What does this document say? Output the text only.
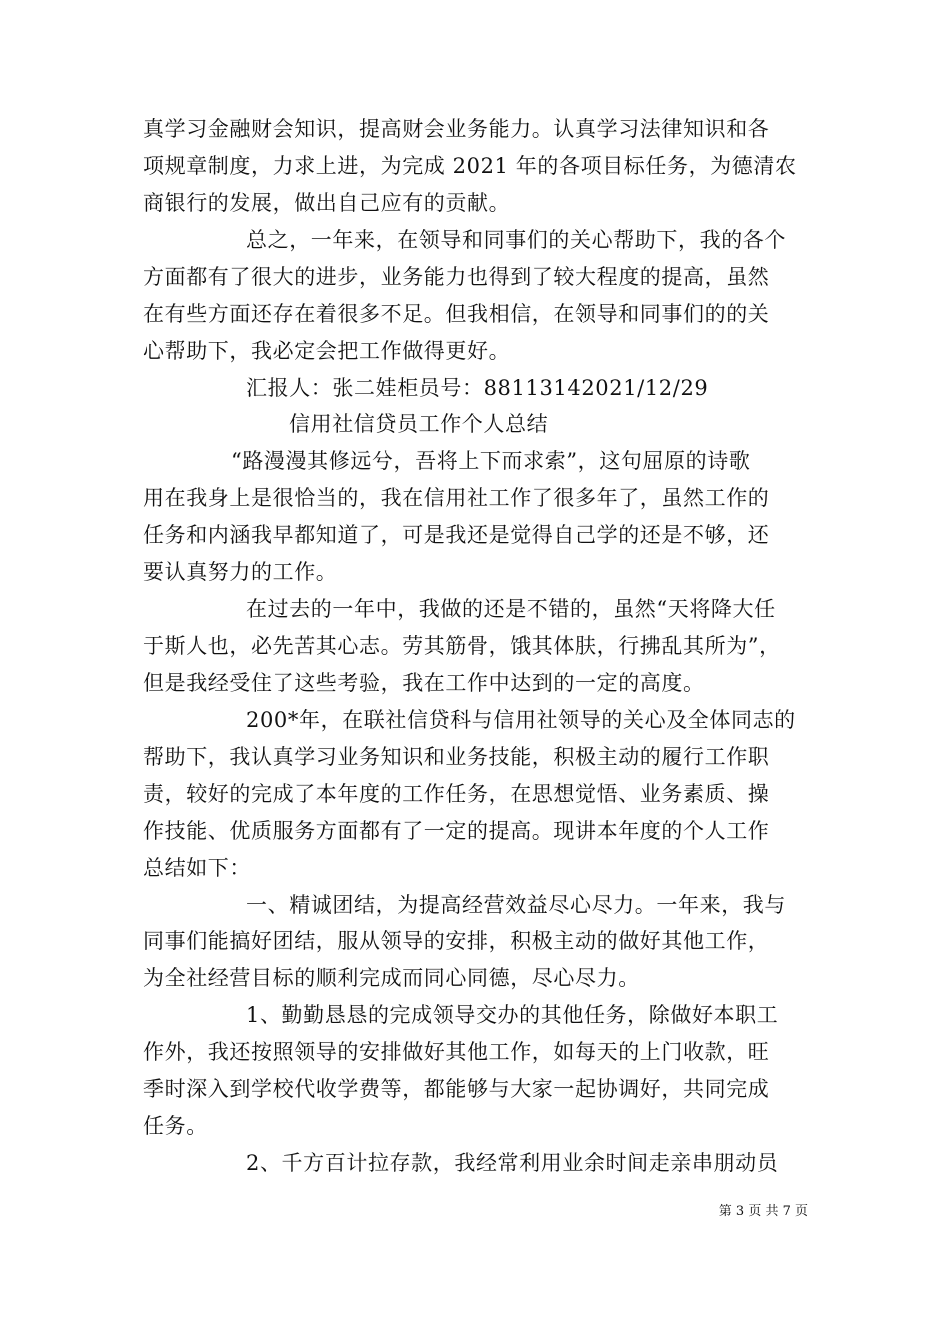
真学习金融财会知识，提高财会业务能力。认真学习法律知识和各
项规章制度，力求上进，为完成 2021 年的各项目标任务，为德清农
商银行的发展，做出自己应有的贡献。
总之，一年来，在领导和同事们的关心帮助下，我的各个
方面都有了很大的进步，业务能力也得到了较大程度的提高，虽然
在有些方面还存在着很多不足。但我相信，在领导和同事们的的关
心帮助下，我必定会把工作做得更好。
汇报人：张二娃柜员号：88113142021/12/29
信用社信贷员工作个人总结
“路漫漫其修远兮，吾将上下而求索”，这句屈原的诗歌
用在我身上是很恰当的，我在信用社工作了很多年了，虽然工作的
任务和内涵我早都知道了，可是我还是觉得自己学的还是不够，还
要认真努力的工作。
在过去的一年中，我做的还是不错的，虽然“天将降大任
于斯人也，必先苦其心志。劳其筋骨，饿其体肤，行拂乱其所为”，
但是我经受住了这些考验，我在工作中达到的一定的高度。
200*年，在联社信贷科与信用社领导的关心及全体同志的
帮助下，我认真学习业务知识和业务技能，积极主动的履行工作职
责，较好的完成了本年度的工作任务，在思想觉悟、业务素质、操
作技能、优质服务方面都有了一定的提高。现讲本年度的个人工作
总结如下：
一、精诚团结，为提高经营效益尽心尽力。一年来，我与
同事们能搞好团结，服从领导的安排，积极主动的做好其他工作，
为全社经营目标的顺利完成而同心同德，尽心尽力。
1、勤勤恳恳的完成领导交办的其他任务，除做好本职工
作外，我还按照领导的安排做好其他工作，如每天的上门收款，旺
季时深入到学校代收学费等，都能够与大家一起协调好，共同完成
任务。
2、千方百计拉存款，我经常利用业余时间走亲串朋动员
第 3 页 共 7 页
